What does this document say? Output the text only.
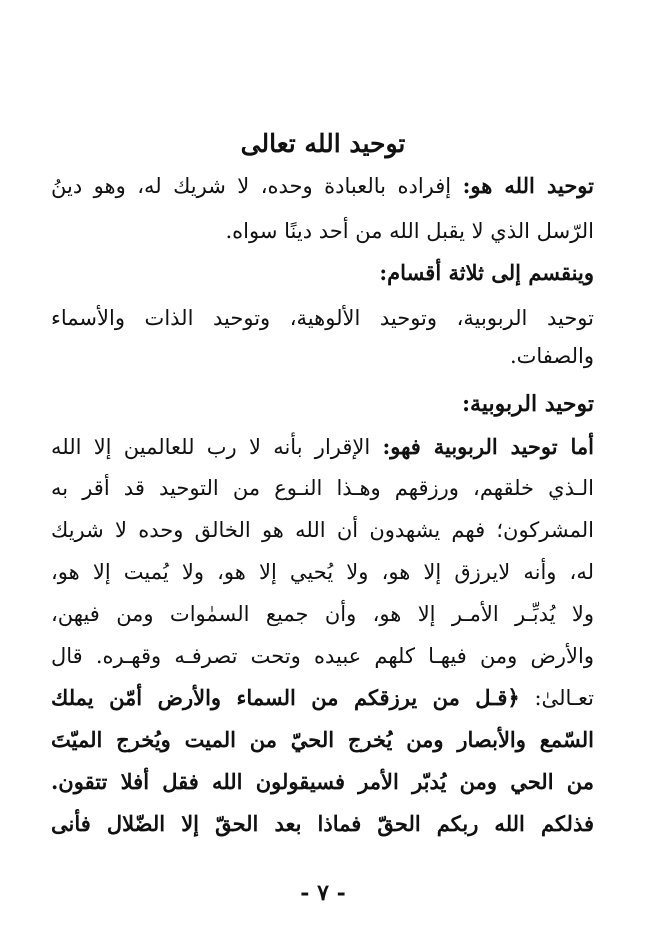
توحيد الله تعالى
توحيد الله هو: إفراده بالعبادة وحده، لا شريك له، وهو دينُ
الرّسل الذي لا يقبل الله من أحد دينًا سواه.
وينقسم إلى ثلاثة أقسام:
توحيد الربوبية، وتوحيد الألوهية، وتوحيد الذات والأسماء
والصفات.
توحيد الربوبية:
أما توحيد الربوبية فهو: الإقرار بأنه لا رب للعالمين إلا الله
الـذي خلقهم، ورزقهم وهـذا النـوع من التوحيد قد أقر به
المشركون؛ فهم يشهدون أن الله هو الخالق وحده لا شريك
له، وأنه لايرزق إلا هو، ولا يُحيي إلا هو، ولا يُميت إلا هو،
ولا يُدبِّـر الأمـر إلا هو، وأن جميع السمٰوات ومن فيهن،
والأرض ومن فيهـا كلهم عبيده وتحت تصرفـه وقهـره. قال
تعـالىٰ: ﴿قـل من يرزقكم من السماء والأرض أمّن يملك
السّمع والأبصار ومن يُخرج الحيّ من الميت ويُخرج الميّتَ
من الحي ومن يُدبّر الأمر فسيقولون الله فقل أفلا تتقون.
فذلكم الله ربكم الحقّ فماذا بعد الحقّ إلا الضّلال فأنى
- ٧ -
